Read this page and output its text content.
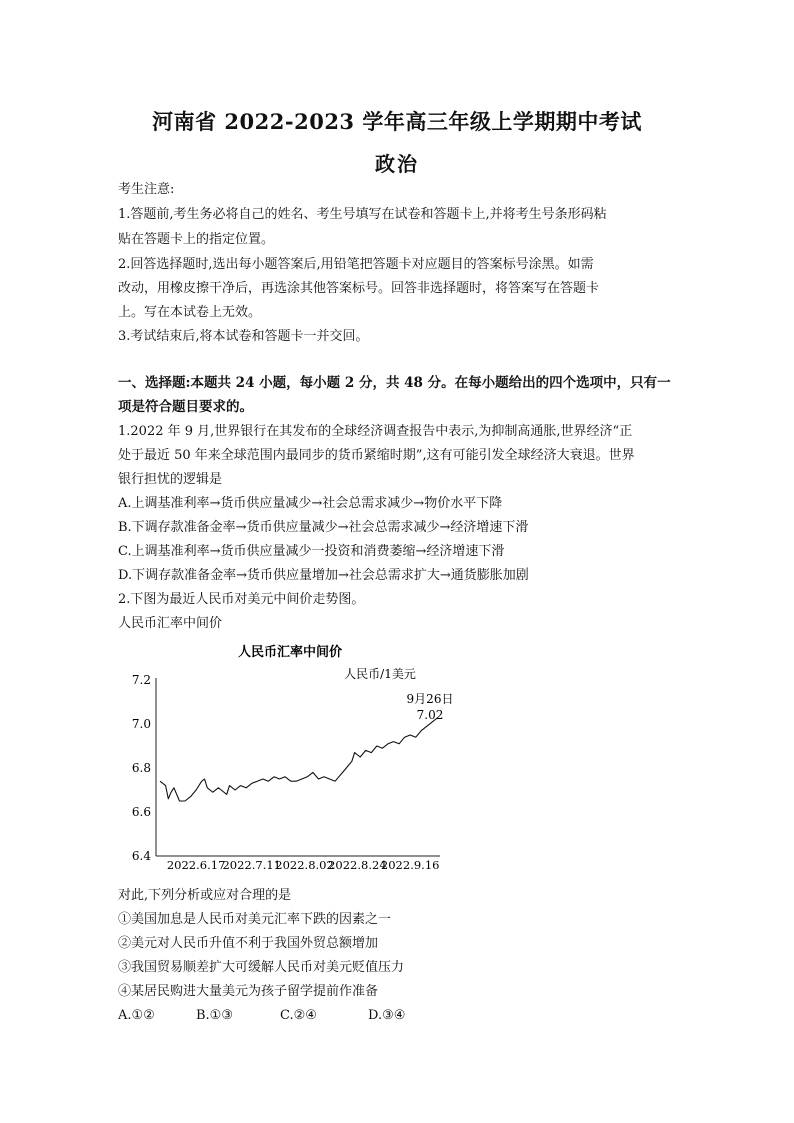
河南省 2022-2023 学年高三年级上学期期中考试
政治
考生注意:
1.答题前,考生务必将自己的姓名、考生号填写在试卷和答题卡上,并将考生号条形码粘
贴在答题卡上的指定位置。
2.回答选择题时,选出每小题答案后,用铅笔把答题卡对应题目的答案标号涂黑。如需
改动，用橡皮擦干净后，再选涂其他答案标号。回答非选择题时，将答案写在答题卡
上。写在本试卷上无效。
3.考试结束后,将本试卷和答题卡一并交回。
一、选择题:本题共 24 小题，每小题 2 分，共 48 分。在每小题给出的四个选项中，只有一
项是符合题目要求的。
1.2022 年 9 月,世界银行在其发布的全球经济调查报告中表示,为抑制高通胀,世界经济“正
处于最近 50 年来全球范围内最同步的货币紧缩时期”,这有可能引发全球经济大衰退。世界
银行担忧的逻辑是
A.上调基准利率→货币供应量减少→社会总需求减少→物价水平下降
B.下调存款准备金率→货币供应量减少→社会总需求减少→经济增速下滑
C.上调基准利率→货币供应量减少一投资和消费萎缩→经济增速下滑
D.下调存款准备金率→货币供应量增加→社会总需求扩大→通货膨胀加剧
2.下图为最近人民币对美元中间价走势图。
人民币汇率中间价
人民币汇率中间价
人民币/1美元
9月26日
7.02
7.2
7.0
6.8
6.6
6.4
2022.6.17
2022.7.11
2022.8.02
2022.8.24
2022.9.16
对此,下列分析或应对合理的是
①美国加息是人民币对美元汇率下跌的因素之一
②美元对人民币升值不利于我国外贸总额增加
③我国贸易顺差扩大可缓解人民币对美元贬值压力
④某居民购进大量美元为孩子留学提前作准备
A.①②	B.①③	C.②④	D.③④
